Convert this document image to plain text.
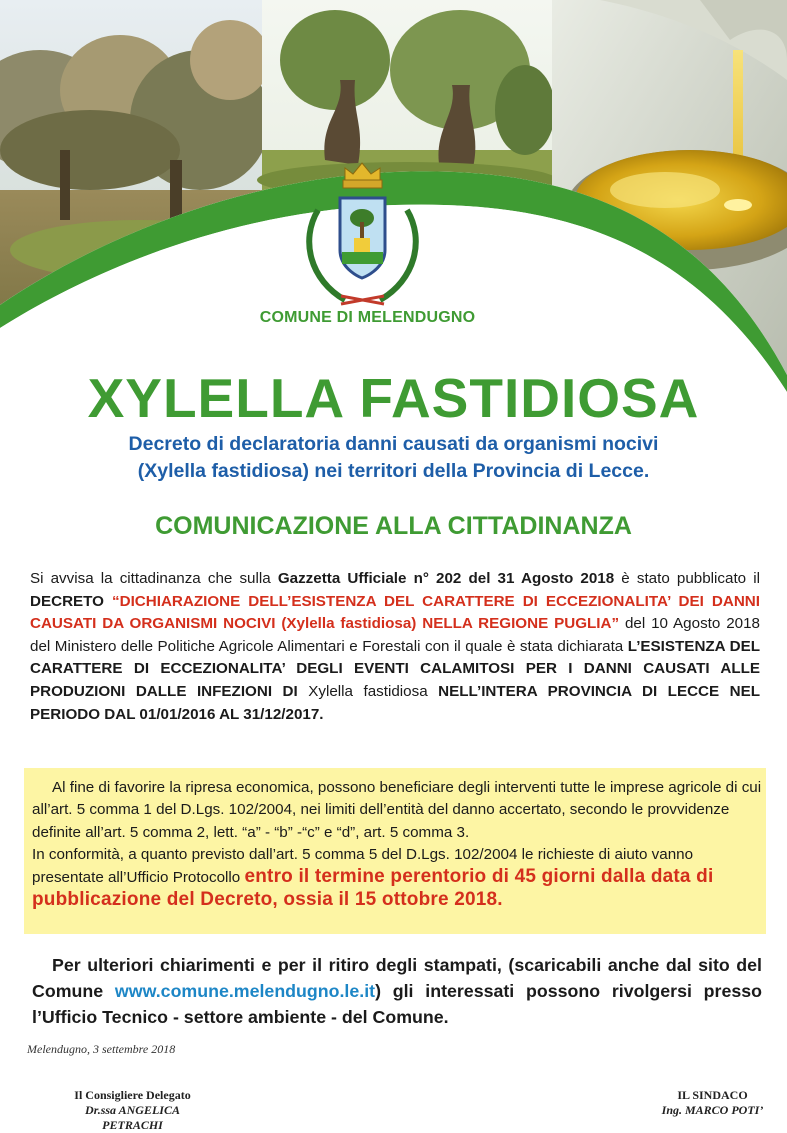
COMUNE DI MELENDUGNO
XYLELLA FASTIDIOSA
Decreto di declaratoria danni causati da organismi nocivi
(Xylella fastidiosa) nei territori della Provincia di Lecce.
COMUNICAZIONE ALLA CITTADINANZA
Si avvisa la cittadinanza che sulla Gazzetta Ufficiale n° 202 del 31 Agosto 2018 è stato pubblicato il DECRETO “DICHIARAZIONE DELL’ESISTENZA DEL CARATTERE DI ECCEZIONALITA’ DEI DANNI CAUSATI DA ORGANISMI NOCIVI (Xylella fastidiosa) NELLA REGIONE PUGLIA” del 10 Agosto 2018 del Ministero delle Politiche Agricole Alimentari e Forestali con il quale è stata dichiarata L’ESISTENZA DEL CARATTERE DI ECCEZIONALITA’ DEGLI EVENTI CALAMITOSI PER I DANNI CAUSATI ALLE PRODUZIONI DALLE INFEZIONI DI Xylella fastidiosa NELL’INTERA PROVINCIA DI LECCE NEL PERIODO DAL 01/01/2016 AL 31/12/2017.
Al fine di favorire la ripresa economica, possono beneficiare degli interventi tutte le imprese agricole di cui all’art. 5 comma 1 del D.Lgs. 102/2004, nei limiti dell’entità del danno accertato, secondo le provvidenze definite all’art. 5 comma 2, lett. “a” - “b” -“c” e “d”, art. 5 comma 3.
In conformità, a quanto previsto dall’art. 5 comma 5 del D.Lgs. 102/2004 le richieste di aiuto vanno presentate all’Ufficio Protocollo entro il termine perentorio di 45 giorni dalla data di pubblicazione del Decreto, ossia il 15 ottobre 2018.
Per ulteriori chiarimenti e per il ritiro degli stampati, (scaricabili anche dal sito del Comune www.comune.melendugno.le.it) gli interessati possono rivolgersi presso l’Ufficio Tecnico - settore ambiente - del Comune.
Melendugno, 3 settembre 2018
Il Consigliere Delegato
Dr.ssa ANGELICA PETRACHI
IL SINDACO
Ing. MARCO POTI’
